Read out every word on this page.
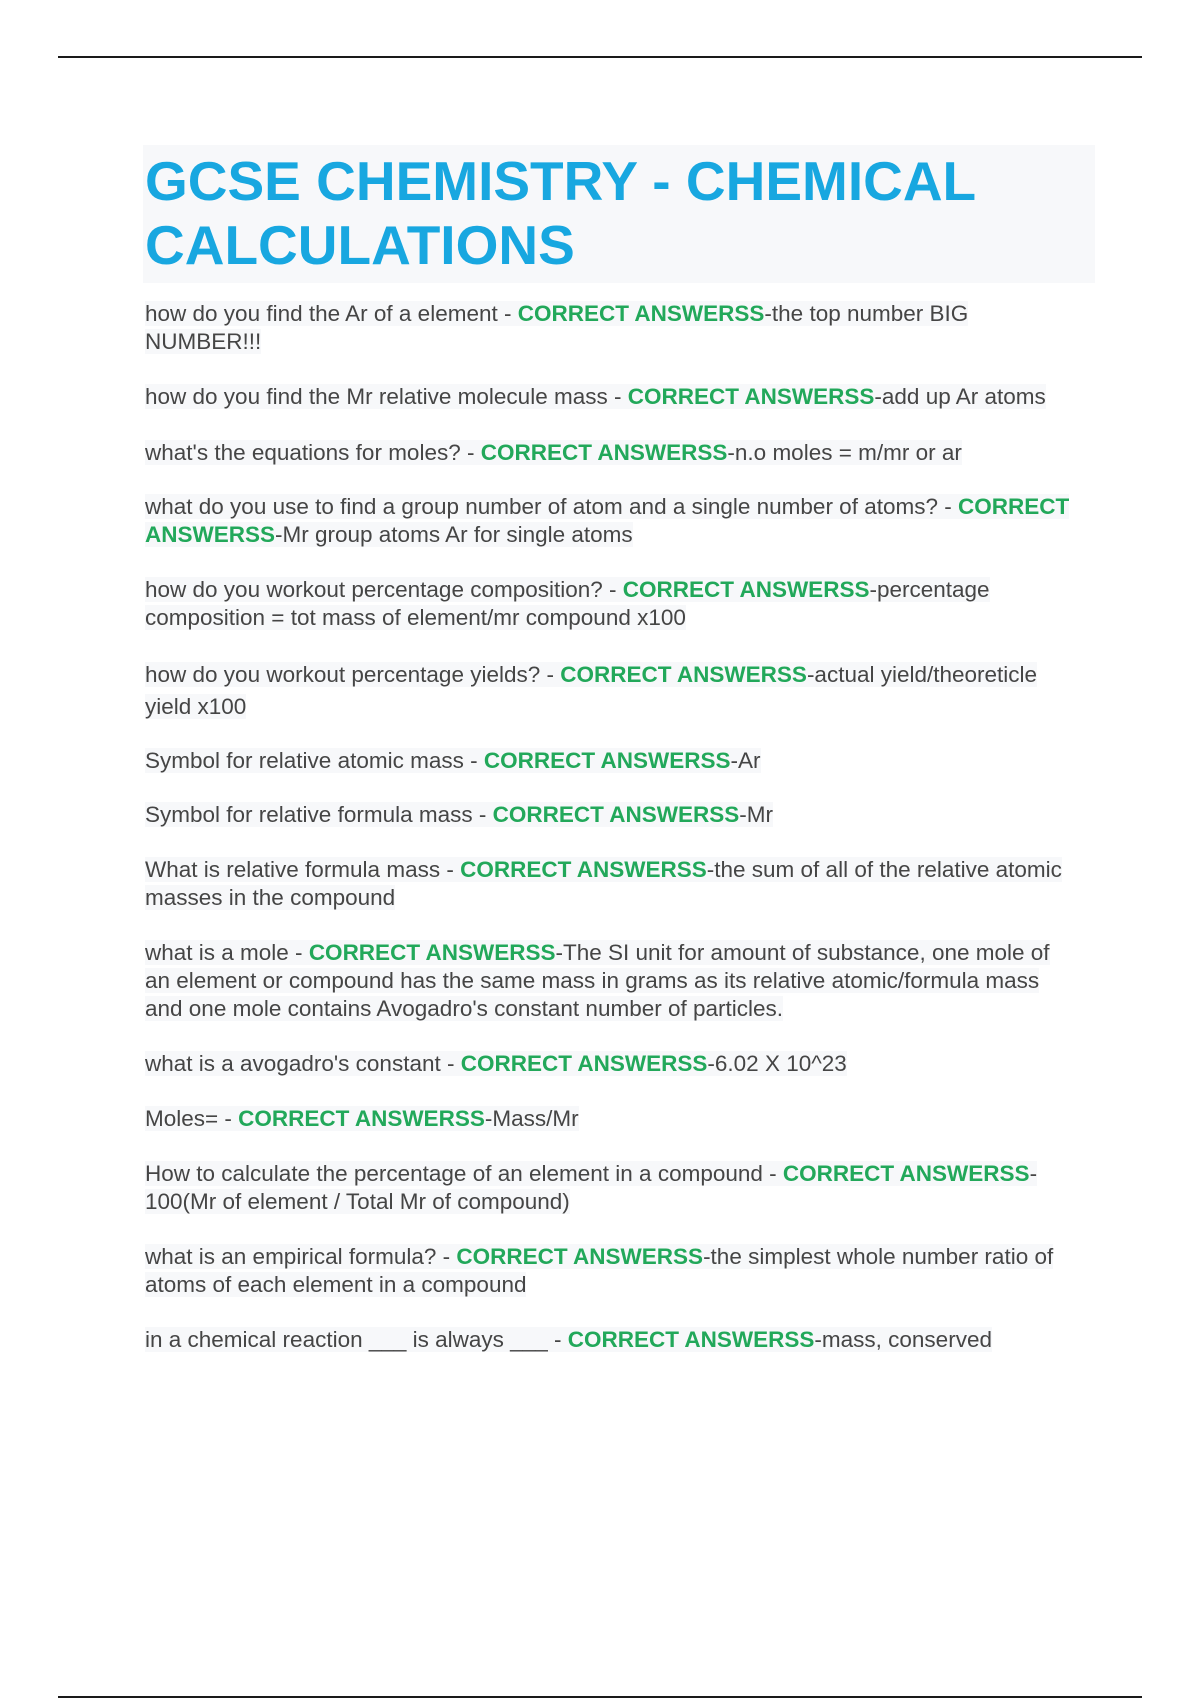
GCSE CHEMISTRY - CHEMICAL CALCULATIONS

how do you find the Ar of a element - CORRECT ANSWERSS-the top number BIG NUMBER!!!

how do you find the Mr relative molecule mass - CORRECT ANSWERSS-add up Ar atoms

what's the equations for moles? - CORRECT ANSWERSS-n.o moles = m/mr or ar

what do you use to find a group number of atom and a single number of atoms? - CORRECT ANSWERSS-Mr group atoms Ar for single atoms

how do you workout percentage composition? - CORRECT ANSWERSS-percentage composition = tot mass of element/mr compound x100

how do you workout percentage yields? - CORRECT ANSWERSS-actual yield/theoreticle yield x100

Symbol for relative atomic mass - CORRECT ANSWERSS-Ar

Symbol for relative formula mass - CORRECT ANSWERSS-Mr

What is relative formula mass - CORRECT ANSWERSS-the sum of all of the relative atomic masses in the compound

what is a mole - CORRECT ANSWERSS-The SI unit for amount of substance, one mole of an element or compound has the same mass in grams as its relative atomic/formula mass and one mole contains Avogadro's constant number of particles.

what is a avogadro's constant - CORRECT ANSWERSS-6.02 X 10^23

Moles= - CORRECT ANSWERSS-Mass/Mr

How to calculate the percentage of an element in a compound - CORRECT ANSWERSS-100(Mr of element / Total Mr of compound)

what is an empirical formula? - CORRECT ANSWERSS-the simplest whole number ratio of atoms of each element in a compound

in a chemical reaction ___ is always ___ - CORRECT ANSWERSS-mass, conserved
